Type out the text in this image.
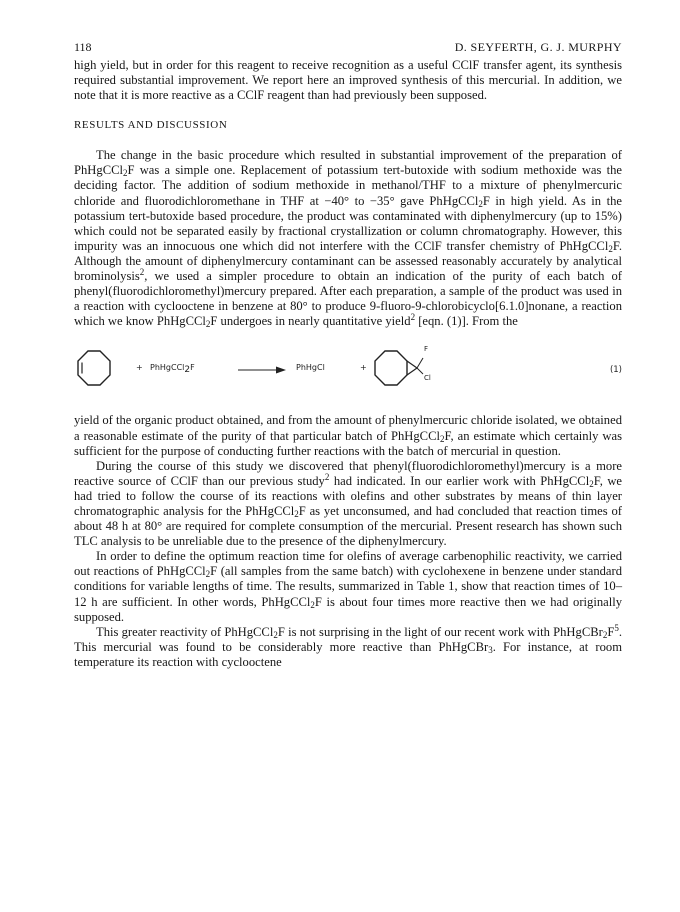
118	D. SEYFERTH, G. J. MURPHY

high yield, but in order for this reagent to receive recognition as a useful CClF transfer agent, its synthesis required substantial improvement. We report here an improved synthesis of this mercurial. In addition, we note that it is more reactive as a CClF reagent than had previously been supposed.

RESULTS AND DISCUSSION

The change in the basic procedure which resulted in substantial improvement of the preparation of PhHgCCl$_2$F was a simple one. Replacement of potassium tert-butoxide with sodium methoxide was the deciding factor. The addition of sodium methoxide in methanol/THF to a mixture of phenylmercuric chloride and fluorodichloromethane in THF at −40° to −35° gave PhHgCCl$_2$F in high yield. As in the potassium tert-butoxide based procedure, the product was contaminated with diphenylmercury (up to 15%) which could not be separated easily by fractional crystallization or column chromatography. However, this impurity was an innocuous one which did not interfere with the CClF transfer chemistry of PhHgCCl$_2$F. Although the amount of diphenylmercury contaminant can be assessed reasonably accurately by analytical brominolysis$^2$, we used a simpler procedure to obtain an indication of the purity of each batch of phenyl(fluorodichloromethyl)mercury prepared. After each preparation, a sample of the product was used in a reaction with cyclooctene in benzene at 80° to produce 9-fluoro-9-chlorobicyclo[6.1.0]nonane, a reaction which we know PhHgCCl$_2$F undergoes in nearly quantitative yield$^2$ [eqn. (1)]. From the

+ PhHgCCl$_2$F	PhHgCl	+
F
Cl
(1)

yield of the organic product obtained, and from the amount of phenylmercuric chloride isolated, we obtained a reasonable estimate of the purity of that particular batch of PhHgCCl$_2$F, an estimate which certainly was sufficient for the purpose of conducting further reactions with the batch of mercurial in question.

During the course of this study we discovered that phenyl(fluorodichloromethyl)mercury is a more reactive source of CClF than our previous study$^2$ had indicated. In our earlier work with PhHgCCl$_2$F, we had tried to follow the course of its reactions with olefins and other substrates by means of thin layer chromatographic analysis for the PhHgCCl$_2$F as yet unconsumed, and had concluded that reaction times of about 48 h at 80° are required for complete consumption of the mercurial. Present research has shown such TLC analysis to be unreliable due to the presence of the diphenylmercury.

In order to define the optimum reaction time for olefins of average carbenophilic reactivity, we carried out reactions of PhHgCCl$_2$F (all samples from the same batch) with cyclohexene in benzene under standard conditions for variable lengths of time. The results, summarized in Table 1, show that reaction times of 10–12 h are sufficient. In other words, PhHgCCl$_2$F is about four times more reactive then we had originally supposed.

This greater reactivity of PhHgCCl$_2$F is not surprising in the light of our recent work with $PhHgCBr_2F^5$. This mercurial was found to be considerably more reactive than PhHgCBr$_3$. For instance, at room temperature its reaction with cyclooctene
